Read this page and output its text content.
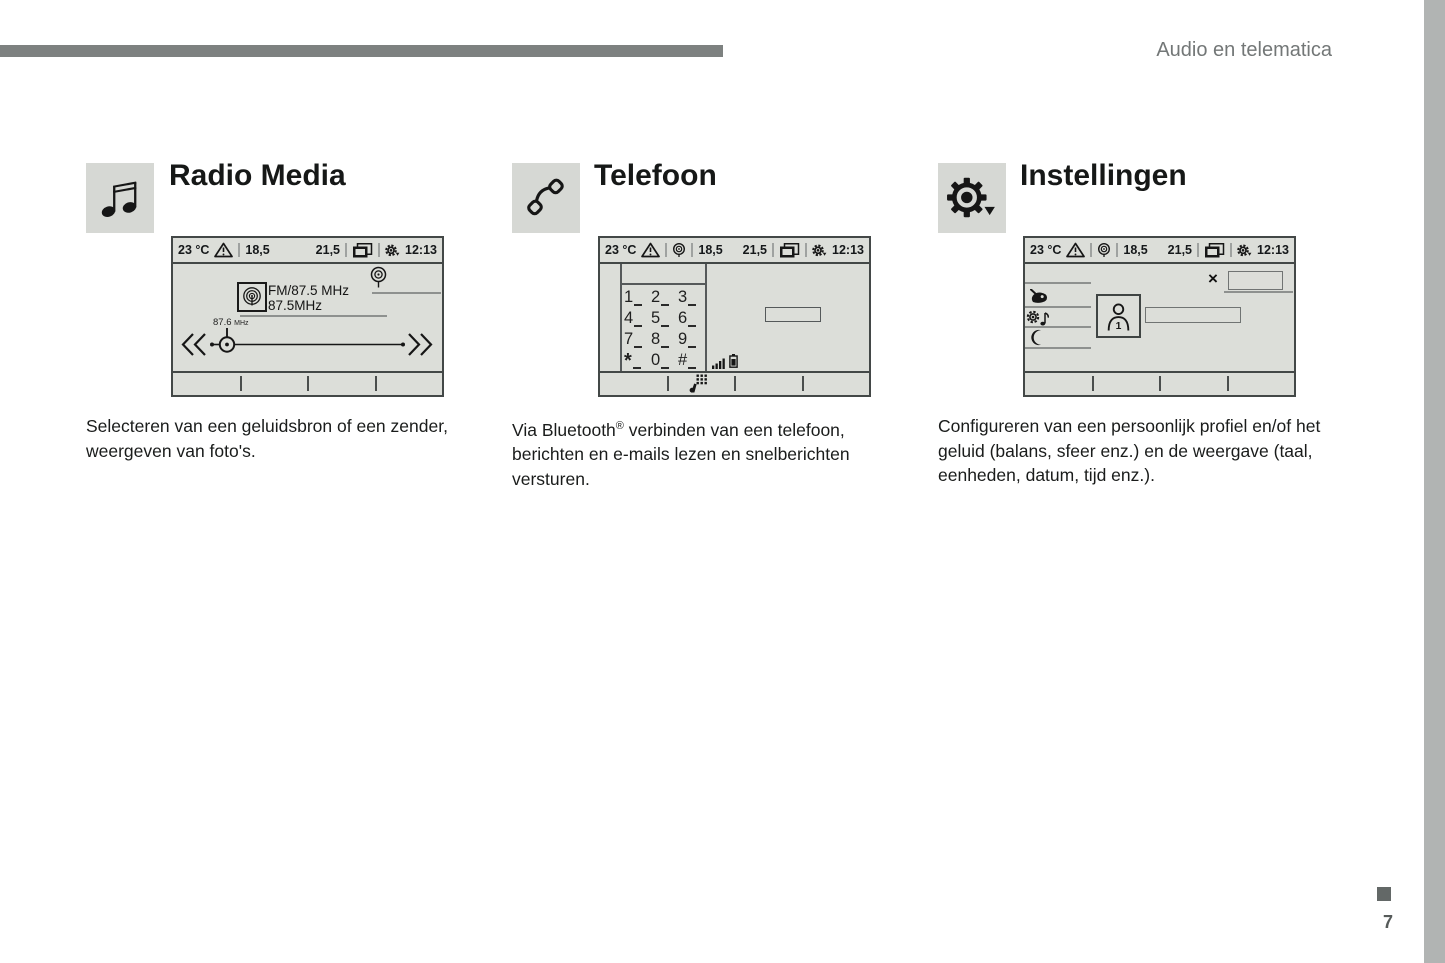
Audio en telematica
7
Radio Media
23 °C	18,5	21,5	12:13
FM/87.5 MHz
87.5MHz
87.6 MHz
Selecteren van een geluidsbron of een zender, weergeven van foto's.
Telefoon
23 °C	18,5 21,5	12:13
1 2 3
4 5 6
7 8 9
* 0 #
Via Bluetooth® verbinden van een telefoon, berichten en e-mails lezen en snelberichten versturen.
Instellingen
23 °C	18,5 21,5	12:13
1
×
Configureren van een persoonlijk profiel en/of het geluid (balans, sfeer enz.) en de weergave (taal, eenheden, datum, tijd enz.).
